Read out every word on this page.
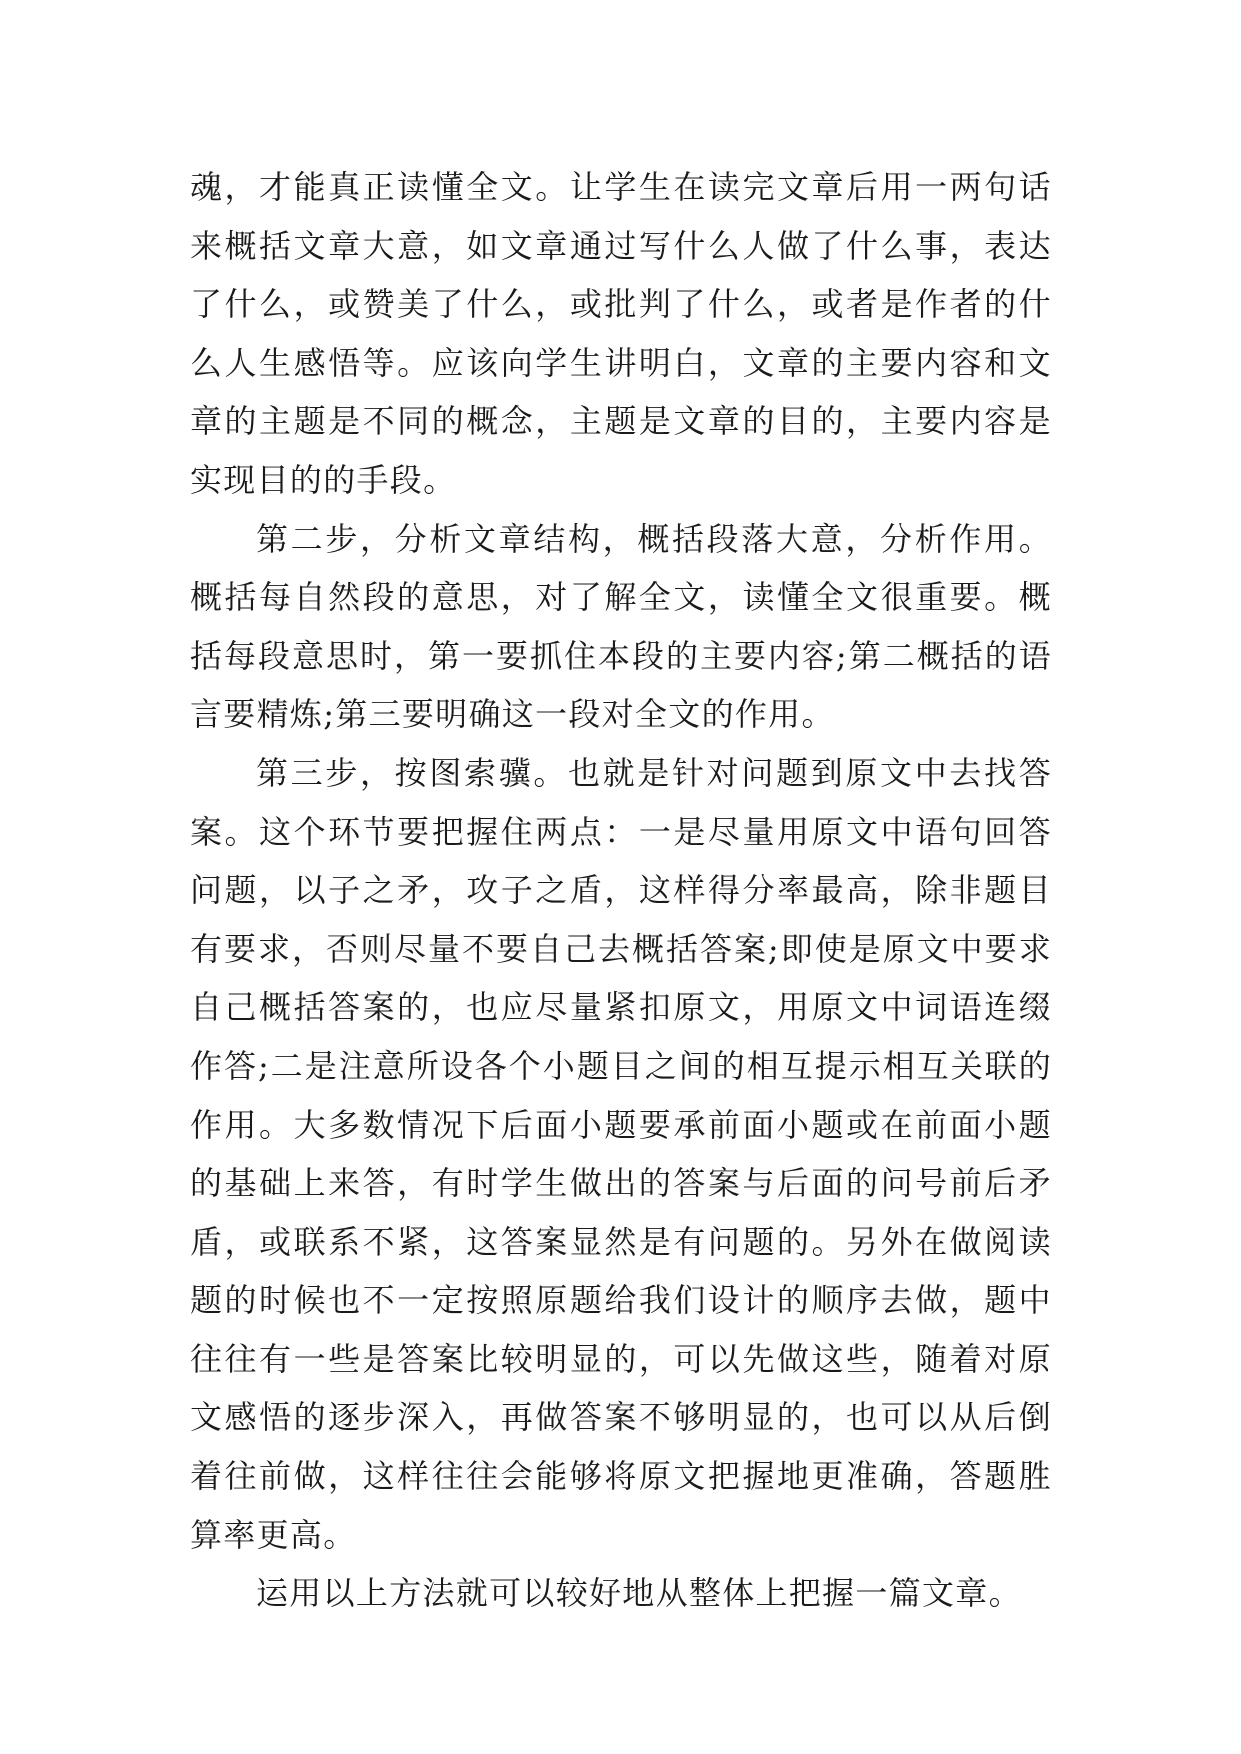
魂，才能真正读懂全文。让学生在读完文章后用一两句话来概括文章大意，如文章通过写什么人做了什么事，表达了什么，或赞美了什么，或批判了什么，或者是作者的什么人生感悟等。应该向学生讲明白，文章的主要内容和文章的主题是不同的概念，主题是文章的目的，主要内容是实现目的的手段。

第二步，分析文章结构，概括段落大意，分析作用。概括每自然段的意思，对了解全文，读懂全文很重要。概括每段意思时，第一要抓住本段的主要内容;第二概括的语言要精炼;第三要明确这一段对全文的作用。

第三步，按图索骥。也就是针对问题到原文中去找答案。这个环节要把握住两点：一是尽量用原文中语句回答问题，以子之矛，攻子之盾，这样得分率最高，除非题目有要求，否则尽量不要自己去概括答案;即使是原文中要求自己概括答案的，也应尽量紧扣原文，用原文中词语连缀作答;二是注意所设各个小题目之间的相互提示相互关联的作用。大多数情况下后面小题要承前面小题或在前面小题的基础上来答，有时学生做出的答案与后面的问号前后矛盾，或联系不紧，这答案显然是有问题的。另外在做阅读题的时候也不一定按照原题给我们设计的顺序去做，题中往往有一些是答案比较明显的，可以先做这些，随着对原文感悟的逐步深入，再做答案不够明显的，也可以从后倒着往前做，这样往往会能够将原文把握地更准确，答题胜算率更高。

运用以上方法就可以较好地从整体上把握一篇文章。
